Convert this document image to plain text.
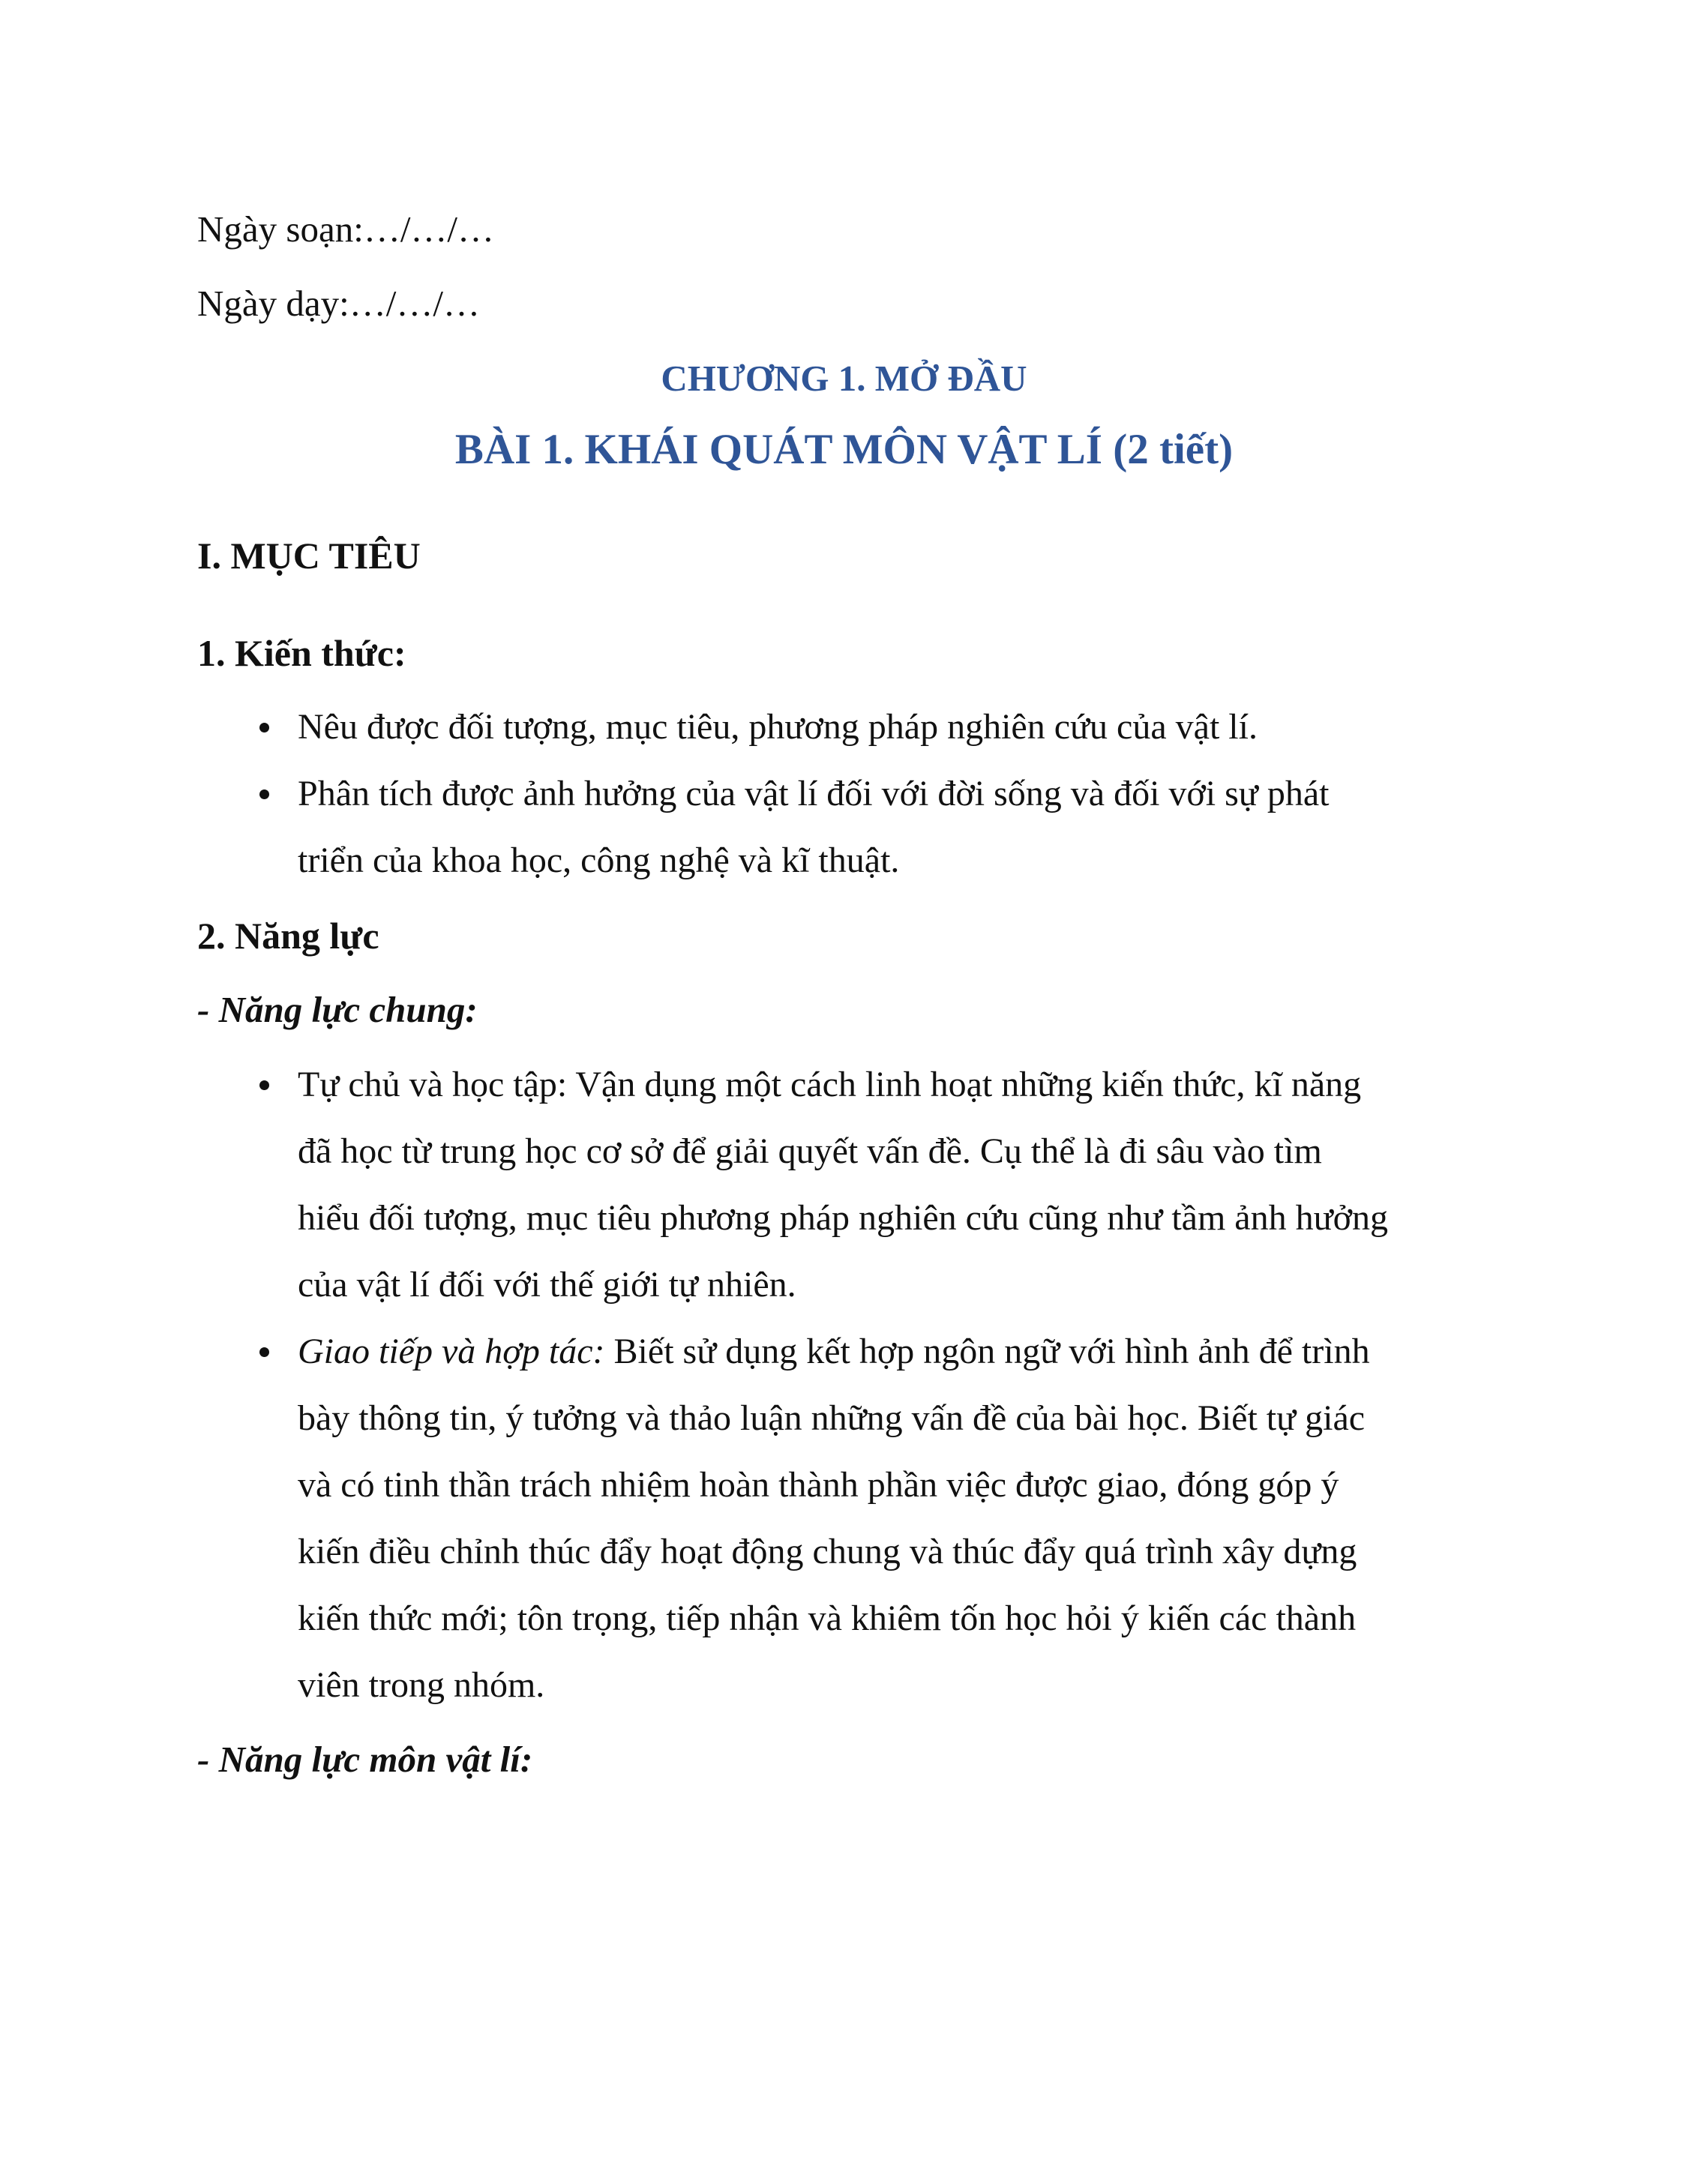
Ngày soạn:…/…/…
Ngày dạy:…/…/…
CHƯƠNG 1. MỞ ĐẦU
BÀI 1. KHÁI QUÁT MÔN VẬT LÍ (2 tiết)
I. MỤC TIÊU
1. Kiến thức:
Nêu được đối tượng, mục tiêu, phương pháp nghiên cứu của vật lí.
Phân tích được ảnh hưởng của vật lí đối với đời sống và đối với sự phát
triển của khoa học, công nghệ và kĩ thuật.
2. Năng lực
- Năng lực chung:
Tự chủ và học tập: Vận dụng một cách linh hoạt những kiến thức, kĩ năng
đã học từ trung học cơ sở để giải quyết vấn đề. Cụ thể là đi sâu vào tìm
hiểu đối tượng, mục tiêu phương pháp nghiên cứu cũng như tầm ảnh hưởng
của vật lí đối với thế giới tự nhiên.
Giao tiếp và hợp tác: Biết sử dụng kết hợp ngôn ngữ với hình ảnh để trình
bày thông tin, ý tưởng và thảo luận những vấn đề của bài học. Biết tự giác
và có tinh thần trách nhiệm hoàn thành phần việc được giao, đóng góp ý
kiến điều chỉnh thúc đẩy hoạt động chung và thúc đẩy quá trình xây dựng
kiến thức mới; tôn trọng, tiếp nhận và khiêm tốn học hỏi ý kiến các thành
viên trong nhóm.
- Năng lực môn vật lí:
